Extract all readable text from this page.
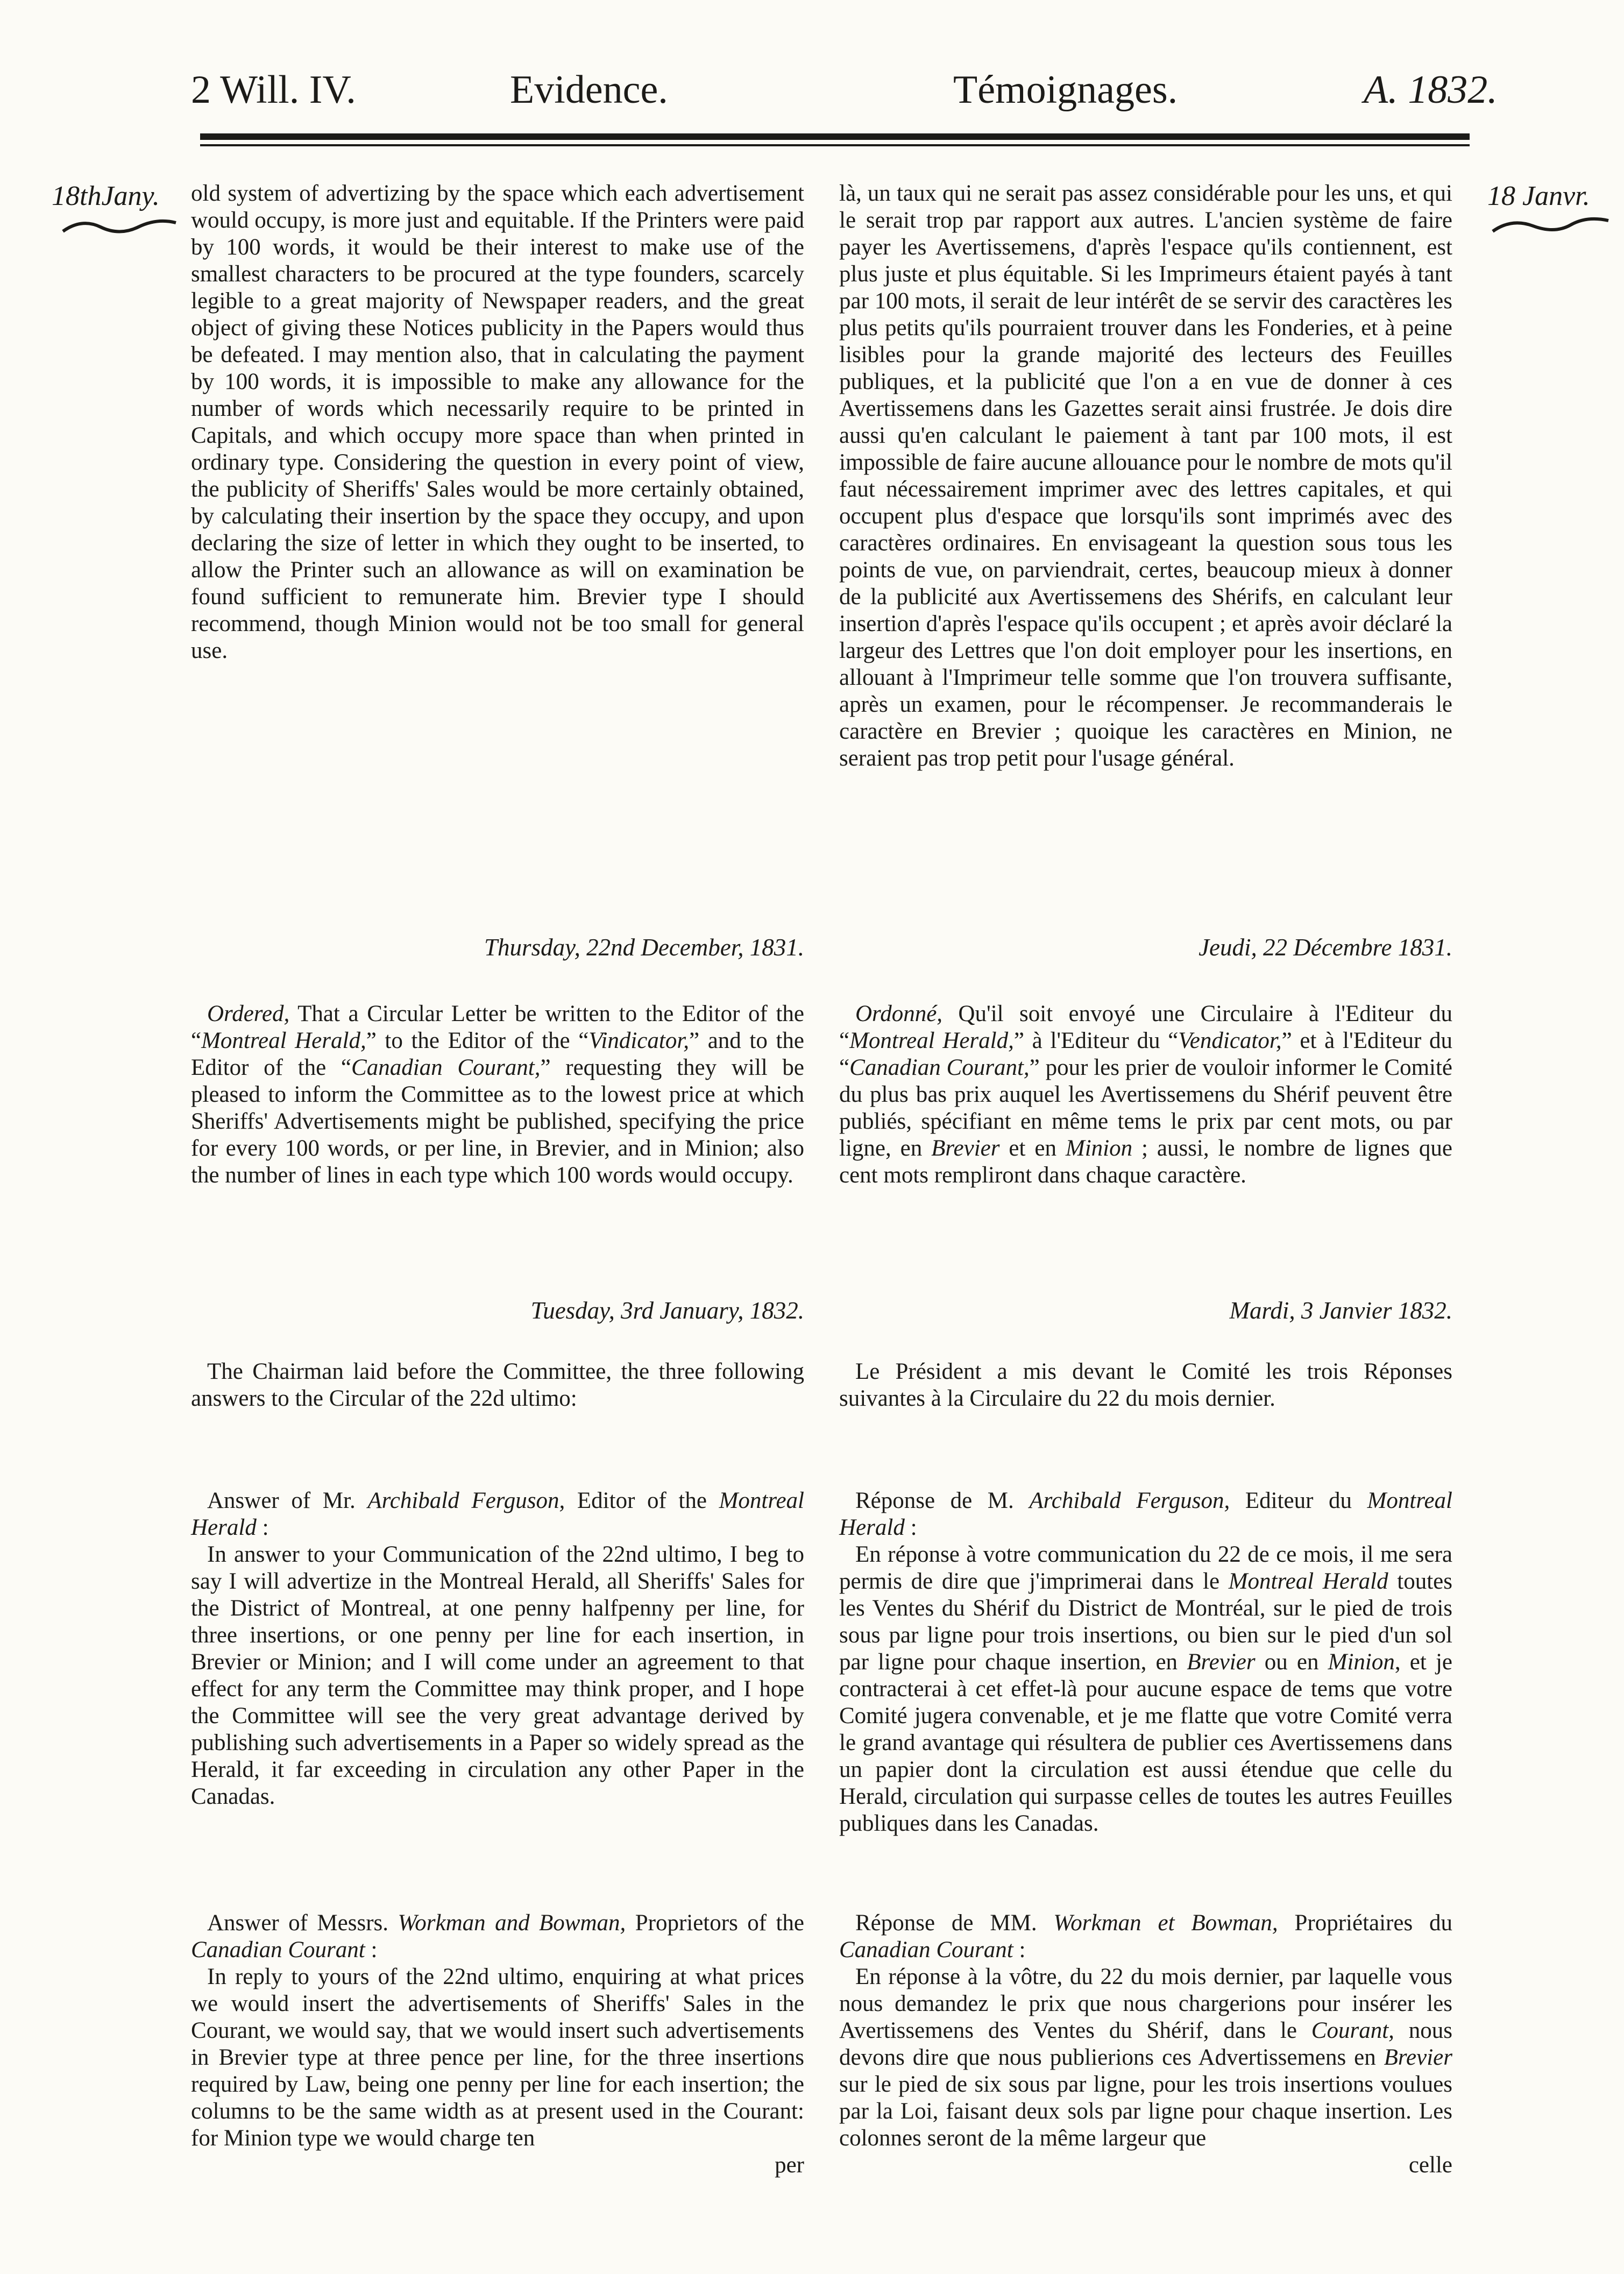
2 Will. IV.	Evidence.	Témoignages.	A. 1832.
18thJany.	18 Janvr.

old system of advertizing by the space which each advertisement would occupy, is more just and equitable. If the Printers were paid by 100 words, it would be their interest to make use of the smallest characters to be procured at the type founders, scarcely legible to a great majority of Newspaper readers, and the great object of giving these Notices publicity in the Papers would thus be defeated. I may mention also, that in calculating the payment by 100 words, it is impossible to make any allowance for the number of words which necessarily require to be printed in Capitals, and which occupy more space than when printed in ordinary type. Considering the question in every point of view, the publicity of Sheriffs' Sales would be more certainly obtained, by calculating their insertion by the space they occupy, and upon declaring the size of letter in which they ought to be inserted, to allow the Printer such an allowance as will on examination be found sufficient to remunerate him. Brevier type I should recommend, though Minion would not be too small for general use.

là, un taux qui ne serait pas assez considérable pour les uns, et qui le serait trop par rapport aux autres. L'ancien système de faire payer les Avertissemens, d'après l'espace qu'ils contiennent, est plus juste et plus équitable. Si les Imprimeurs étaient payés à tant par 100 mots, il serait de leur intérêt de se servir des caractères les plus petits qu'ils pourraient trouver dans les Fonderies, et à peine lisibles pour la grande majorité des lecteurs des Feuilles publiques, et la publicité que l'on a en vue de donner à ces Avertissemens dans les Gazettes serait ainsi frustrée. Je dois dire aussi qu'en calculant le paiement à tant par 100 mots, il est impossible de faire aucune allouance pour le nombre de mots qu'il faut nécessairement imprimer avec des lettres capitales, et qui occupent plus d'espace que lorsqu'ils sont imprimés avec des caractères ordinaires. En envisageant la question sous tous les points de vue, on parviendrait, certes, beaucoup mieux à donner de la publicité aux Avertissemens des Shérifs, en calculant leur insertion d'après l'espace qu'ils occupent ; et après avoir déclaré la largeur des Lettres que l'on doit employer pour les insertions, en allouant à l'Imprimeur telle somme que l'on trouvera suffisante, après un examen, pour le récompenser. Je recommanderais le caractère en Brevier ; quoique les caractères en Minion, ne seraient pas trop petit pour l'usage général.

Thursday, 22nd December, 1831.	Jeudi, 22 Décembre 1831.

Ordered, That a Circular Letter be written to the Editor of the “Montreal Herald,” to the Editor of the “Vindicator,” and to the Editor of the “Canadian Courant,” requesting they will be pleased to inform the Committee as to the lowest price at which Sheriffs' Advertisements might be published, specifying the price for every 100 words, or per line, in Brevier, and in Minion; also the number of lines in each type which 100 words would occupy.

Ordonné, Qu'il soit envoyé une Circulaire à l'Editeur du “Montreal Herald,” à l'Editeur du “Vendicator,” et à l'Editeur du “Canadian Courant,” pour les prier de vouloir informer le Comité du plus bas prix auquel les Avertissemens du Shérif peuvent être publiés, spécifiant en même tems le prix par cent mots, ou par ligne, en Brevier et en Minion ; aussi, le nombre de lignes que cent mots rempliront dans chaque caractère.

Tuesday, 3rd January, 1832.	Mardi, 3 Janvier 1832.

The Chairman laid before the Committee, the three following answers to the Circular of the 22d ultimo:

Le Président a mis devant le Comité les trois Réponses suivantes à la Circulaire du 22 du mois dernier.

Answer of Mr. Archibald Ferguson, Editor of the Montreal Herald :

In answer to your Communication of the 22nd ultimo, I beg to say I will advertize in the Montreal Herald, all Sheriffs' Sales for the District of Montreal, at one penny halfpenny per line, for three insertions, or one penny per line for each insertion, in Brevier or Minion; and I will come under an agreement to that effect for any term the Committee may think proper, and I hope the Committee will see the very great advantage derived by publishing such advertisements in a Paper so widely spread as the Herald, it far exceeding in circulation any other Paper in the Canadas.

Réponse de M. Archibald Ferguson, Editeur du Montreal Herald :

En réponse à votre communication du 22 de ce mois, il me sera permis de dire que j'imprimerai dans le Montreal Herald toutes les Ventes du Shérif du District de Montréal, sur le pied de trois sous par ligne pour trois insertions, ou bien sur le pied d'un sol par ligne pour chaque insertion, en Brevier ou en Minion, et je contracterai à cet effet-là pour aucune espace de tems que votre Comité jugera convenable, et je me flatte que votre Comité verra le grand avantage qui résultera de publier ces Avertissemens dans un papier dont la circulation est aussi étendue que celle du Herald, circulation qui surpasse celles de toutes les autres Feuilles publiques dans les Canadas.

Answer of Messrs. Workman and Bowman, Proprietors of the Canadian Courant :

In reply to yours of the 22nd ultimo, enquiring at what prices we would insert the advertisements of Sheriffs' Sales in the Courant, we would say, that we would insert such advertisements in Brevier type at three pence per line, for the three insertions required by Law, being one penny per line for each insertion; the columns to be the same width as at present used in the Courant: for Minion type we would charge ten

per

Réponse de MM. Workman et Bowman, Propriétaires du Canadian Courant :

En réponse à la vôtre, du 22 du mois dernier, par laquelle vous nous demandez le prix que nous chargerions pour insérer les Avertissemens des Ventes du Shérif, dans le Courant, nous devons dire que nous publierions ces Advertissemens en Brevier sur le pied de six sous par ligne, pour les trois insertions voulues par la Loi, faisant deux sols par ligne pour chaque insertion. Les colonnes seront de la même largeur que

celle
